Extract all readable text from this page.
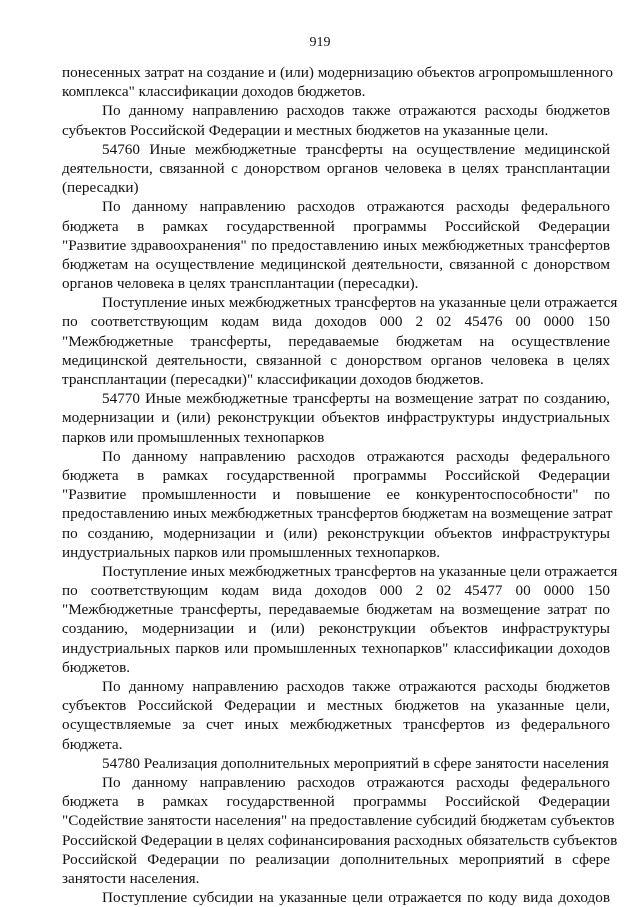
919
понесенных затрат на создание и (или) модернизацию объектов агропромышленного
комплекса" классификации доходов бюджетов.
По данному направлению расходов также отражаются расходы бюджетов
субъектов Российской Федерации и местных бюджетов на указанные цели.
54760 Иные межбюджетные трансферты на осуществление медицинской
деятельности, связанной с донорством органов человека в целях трансплантации
(пересадки)
По данному направлению расходов отражаются расходы федерального
бюджета в рамках государственной программы Российской Федерации
"Развитие здравоохранения" по предоставлению иных межбюджетных трансфертов
бюджетам на осуществление медицинской деятельности, связанной с донорством
органов человека в целях трансплантации (пересадки).
Поступление иных межбюджетных трансфертов на указанные цели отражается
по соответствующим кодам вида доходов 000 2 02 45476 00 0000 150
"Межбюджетные трансферты, передаваемые бюджетам на осуществление
медицинской деятельности, связанной с донорством органов человека в целях
трансплантации (пересадки)" классификации доходов бюджетов.
54770 Иные межбюджетные трансферты на возмещение затрат по созданию,
модернизации и (или) реконструкции объектов инфраструктуры индустриальных
парков или промышленных технопарков
По данному направлению расходов отражаются расходы федерального
бюджета в рамках государственной программы Российской Федерации
"Развитие промышленности и повышение ее конкурентоспособности" по
предоставлению иных межбюджетных трансфертов бюджетам на возмещение затрат
по созданию, модернизации и (или) реконструкции объектов инфраструктуры
индустриальных парков или промышленных технопарков.
Поступление иных межбюджетных трансфертов на указанные цели отражается
по соответствующим кодам вида доходов 000 2 02 45477 00 0000 150
"Межбюджетные трансферты, передаваемые бюджетам на возмещение затрат по
созданию, модернизации и (или) реконструкции объектов инфраструктуры
индустриальных парков или промышленных технопарков" классификации доходов
бюджетов.
По данному направлению расходов также отражаются расходы бюджетов
субъектов Российской Федерации и местных бюджетов на указанные цели,
осуществляемые за счет иных межбюджетных трансфертов из федерального
бюджета.
54780 Реализация дополнительных мероприятий в сфере занятости населения
По данному направлению расходов отражаются расходы федерального
бюджета в рамках государственной программы Российской Федерации
"Содействие занятости населения" на предоставление субсидий бюджетам субъектов
Российской Федерации в целях софинансирования расходных обязательств субъектов
Российской Федерации по реализации дополнительных мероприятий в сфере
занятости населения.
Поступление субсидии на указанные цели отражается по коду вида доходов
